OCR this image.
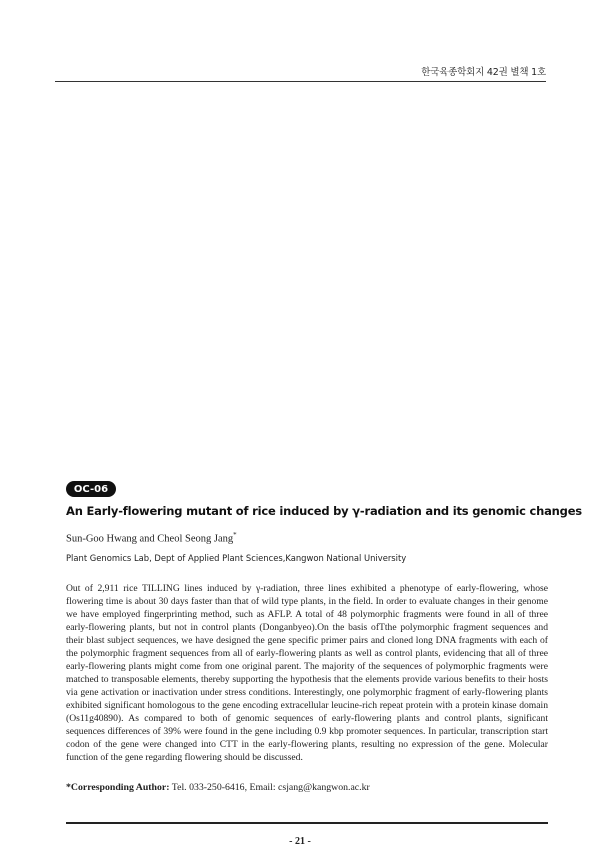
한국육종학회지 42권 별책 1호
OC-06
An Early-flowering mutant of rice induced by γ-radiation and its genomic changes
Sun-Goo Hwang and Cheol Seong Jang*
Plant Genomics Lab, Dept of Applied Plant Sciences,Kangwon National University
Out of 2,911 rice TILLING lines induced by γ-radiation, three lines exhibited a phenotype of early-flowering, whose flowering time is about 30 days faster than that of wild type plants, in the field. In order to evaluate changes in their genome we have employed fingerprinting method, such as AFLP. A total of 48 polymorphic fragments were found in all of three early-flowering plants, but not in control plants (Donganbyeo).On the basis ofTthe polymorphic fragment sequences and their blast subject sequences, we have designed the gene specific primer pairs and cloned long DNA fragments with each of the polymorphic fragment sequences from all of early-flowering plants as well as control plants, evidencing that all of three early-flowering plants might come from one original parent. The majority of the sequences of polymorphic fragments were matched to transposable elements, thereby supporting the hypothesis that the elements provide various benefits to their hosts via gene activation or inactivation under stress conditions. Interestingly, one polymorphic fragment of early-flowering plants exhibited significant homologous to the gene encoding extracellular leucine-rich repeat protein with a protein kinase domain (Os11g40890). As compared to both of genomic sequences of early-flowering plants and control plants, significant sequences differences of 39% were found in the gene including 0.9 kbp promoter sequences. In particular, transcription start codon of the gene were changed into CTT in the early-flowering plants, resulting no expression of the gene. Molecular function of the gene regarding flowering should be discussed.
*Corresponding Author: Tel. 033-250-6416, Email: csjang@kangwon.ac.kr
- 21 -
